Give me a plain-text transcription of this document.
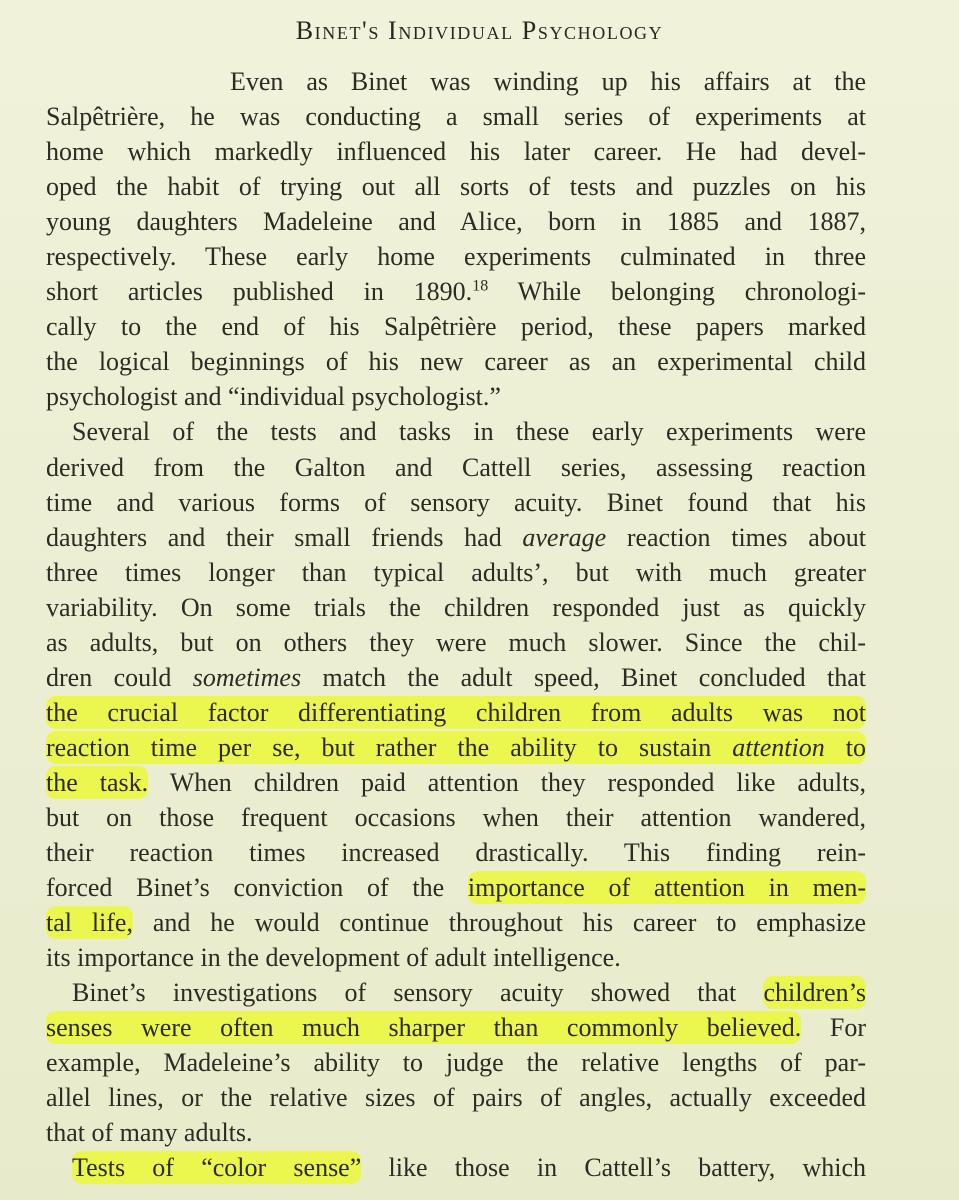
Binet's Individual Psychology
Even as Binet was winding up his affairs at the
Salpêtrière, he was conducting a small series of experiments at
home which markedly influenced his later career. He had devel-
oped the habit of trying out all sorts of tests and puzzles on his
young daughters Madeleine and Alice, born in 1885 and 1887,
respectively. These early home experiments culminated in three
short articles published in 1890.18 While belonging chronologi-
cally to the end of his Salpêtrière period, these papers marked
the logical beginnings of his new career as an experimental child
psychologist and “individual psychologist.”
Several of the tests and tasks in these early experiments were
derived from the Galton and Cattell series, assessing reaction
time and various forms of sensory acuity. Binet found that his
daughters and their small friends had average reaction times about
three times longer than typical adults’, but with much greater
variability. On some trials the children responded just as quickly
as adults, but on others they were much slower. Since the chil-
dren could sometimes match the adult speed, Binet concluded that
the crucial factor differentiating children from adults was not
reaction time per se, but rather the ability to sustain attention to
the task. When children paid attention they responded like adults,
but on those frequent occasions when their attention wandered,
their reaction times increased drastically. This finding rein-
forced Binet’s conviction of the importance of attention in men-
tal life, and he would continue throughout his career to emphasize
its importance in the development of adult intelligence.
Binet’s investigations of sensory acuity showed that children’s
senses were often much sharper than commonly believed. For
example, Madeleine’s ability to judge the relative lengths of par-
allel lines, or the relative sizes of pairs of angles, actually exceeded
that of many adults.
Tests of “color sense” like those in Cattell’s battery, which
